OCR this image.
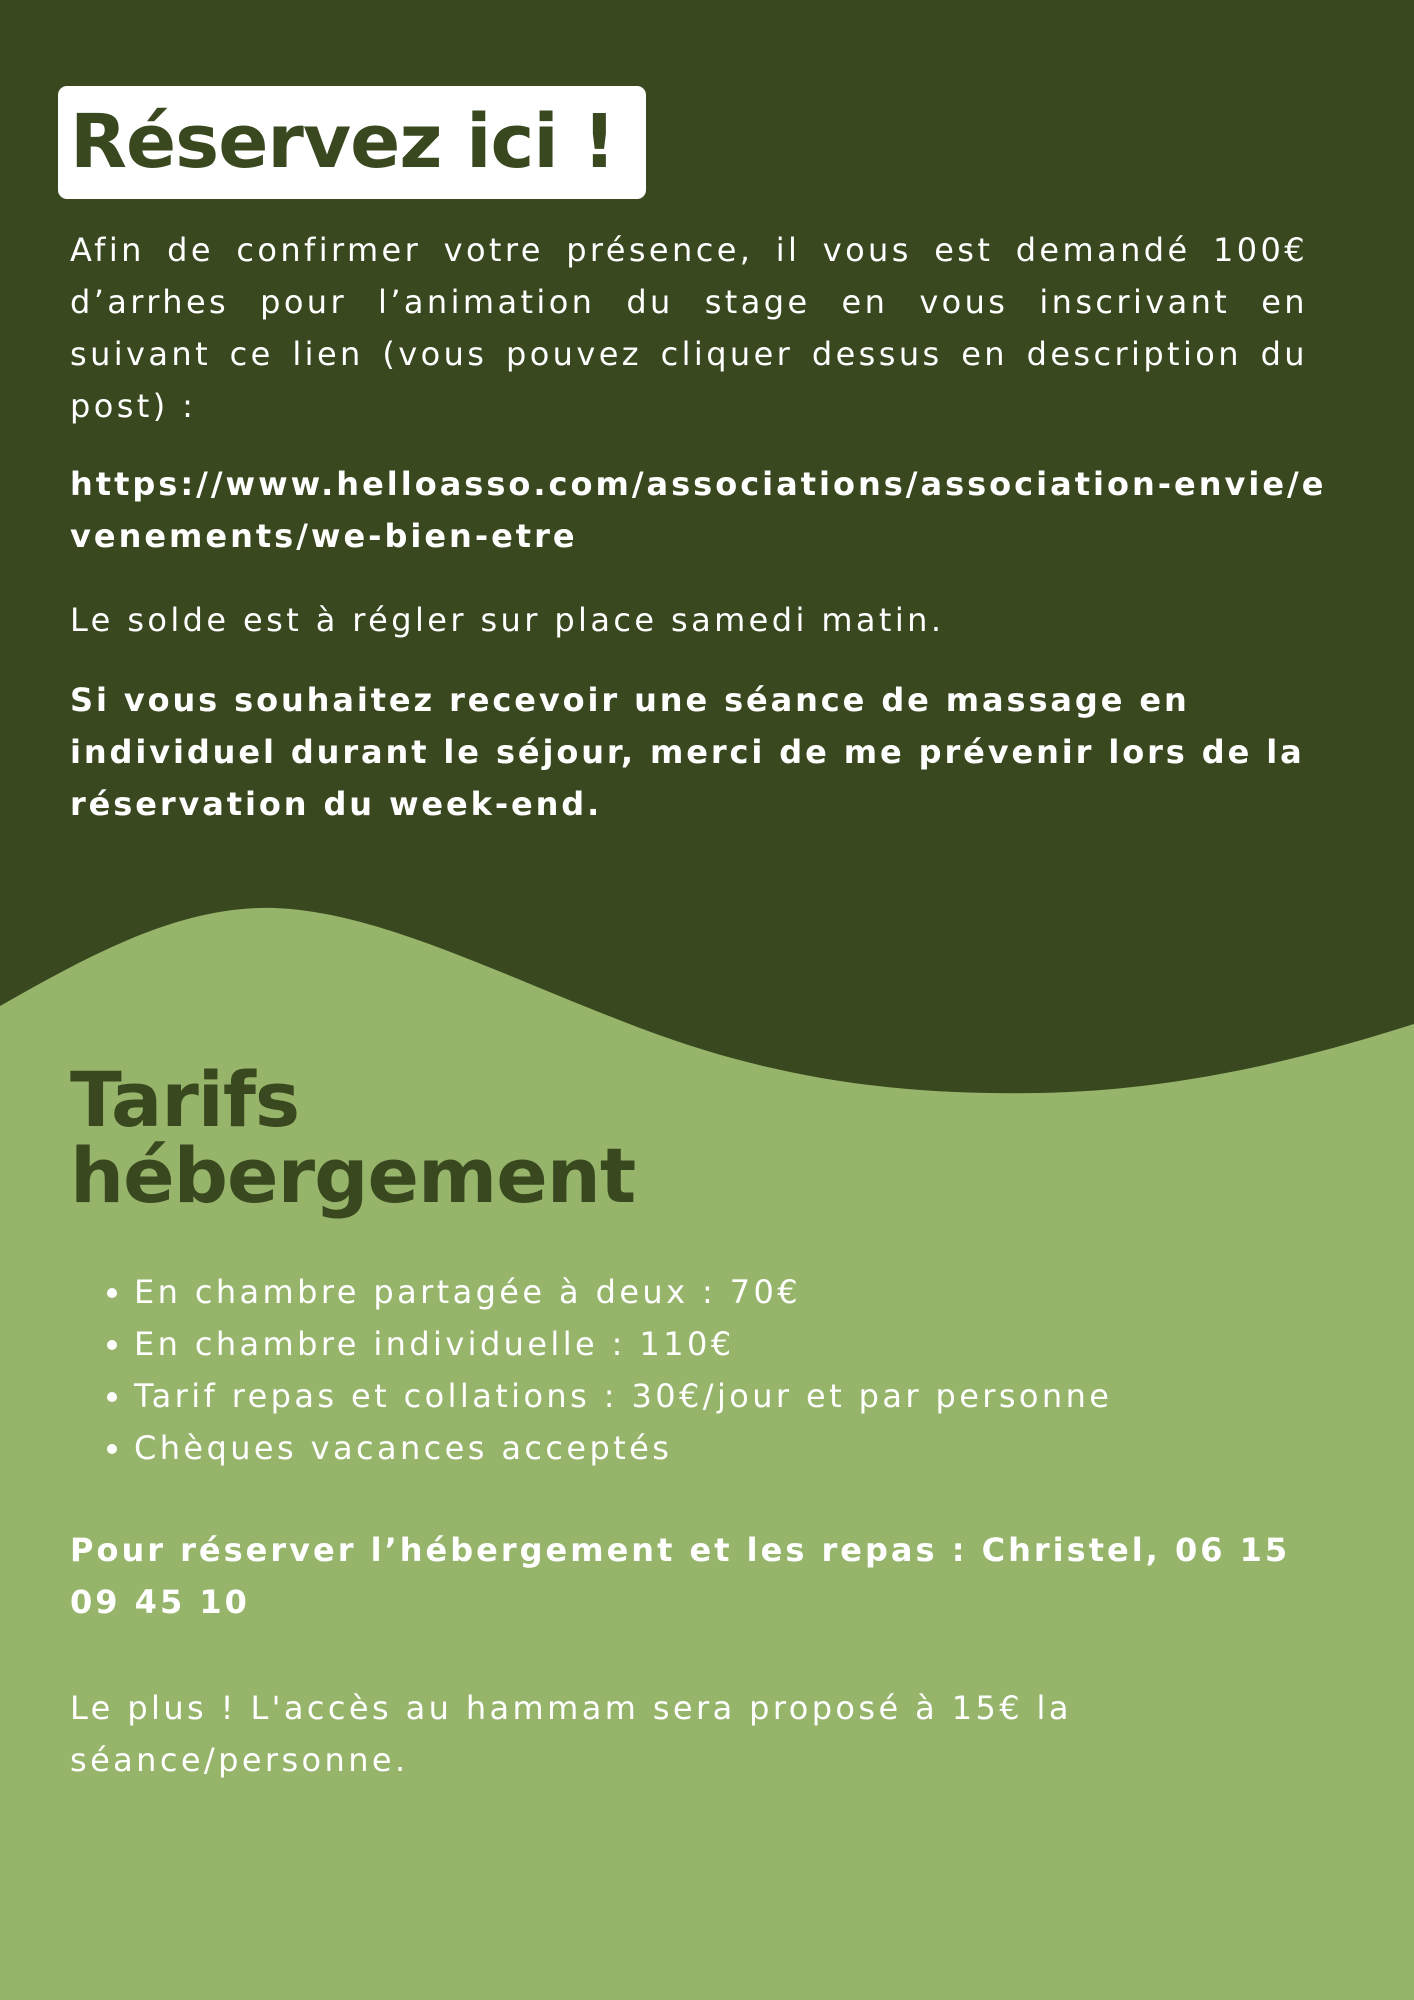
Réservez ici !
Afin de confirmer votre présence, il vous est demandé 100€ d’arrhes pour l’animation du stage en vous inscrivant en suivant ce lien (vous pouvez cliquer dessus en description du post) :
https://www.helloasso.com/associations/association-envie/evenements/we-bien-etre
Le solde est à régler sur place samedi matin.
Si vous souhaitez recevoir une séance de massage en individuel durant le séjour, merci de me prévenir lors de la réservation du week-end.
Tarifs
hébergement
• En chambre partagée à deux : 70€
• En chambre individuelle : 110€
• Tarif repas et collations : 30€/jour et par personne
• Chèques vacances acceptés
Pour réserver l’hébergement et les repas : Christel, 06 15 09 45 10
Le plus ! L'accès au hammam sera proposé à 15€ la séance/personne.
